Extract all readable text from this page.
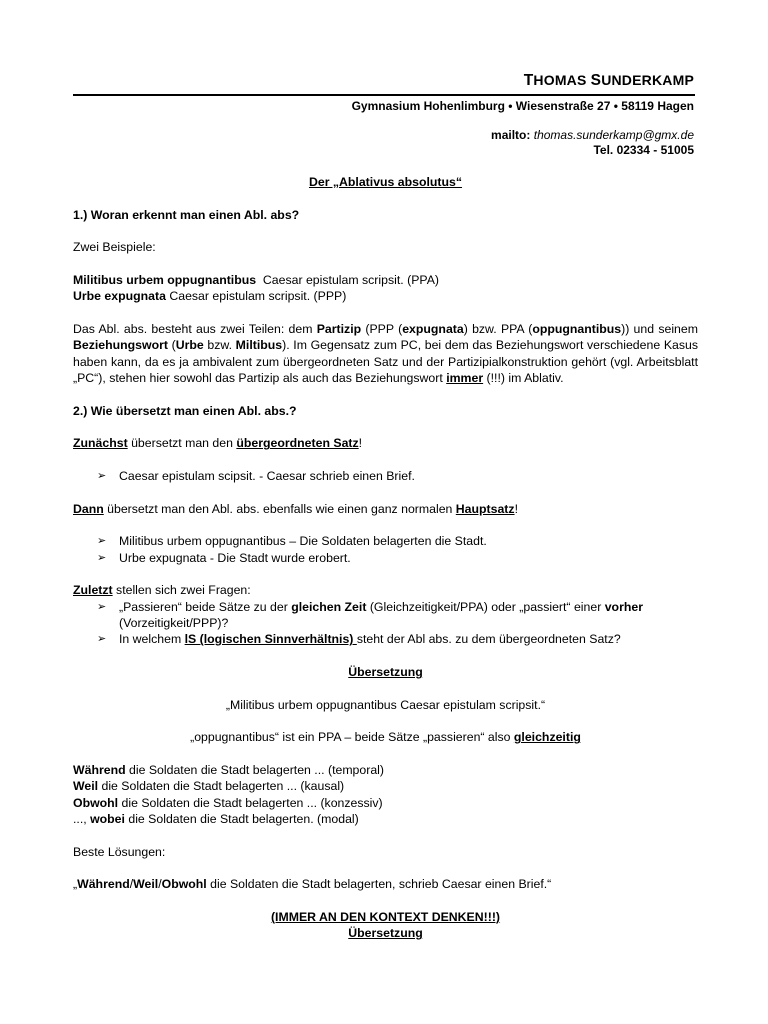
THOMAS SUNDERKAMP
Gymnasium Hohenlimburg • Wiesenstraße 27 • 58119 Hagen
mailto: thomas.sunderkamp@gmx.de
Tel. 02334 - 51005

Der „Ablativus absolutus“

1.) Woran erkennt man einen Abl. abs?

Zwei Beispiele:

Militibus urbem oppugnantibus  Caesar epistulam scripsit. (PPA)

Urbe expugnata Caesar epistulam scripsit. (PPP)

Das Abl. abs. besteht aus zwei Teilen: dem Partizip (PPP (expugnata) bzw. PPA (oppugnantibus)) und seinem Beziehungswort (Urbe bzw. Miltibus). Im Gegensatz zum PC, bei dem das Beziehungswort verschiedene Kasus haben kann, da es ja ambivalent zum übergeordneten Satz und der Partizipialkonstruktion gehört (vgl. Arbeitsblatt „PC“), stehen hier sowohl das Partizip als auch das Beziehungswort immer (!!!) im Ablativ.

2.) Wie übersetzt man einen Abl. abs.?

Zunächst übersetzt man den übergeordneten Satz!

➢ Caesar epistulam scipsit. - Caesar schrieb einen Brief.

Dann übersetzt man den Abl. abs. ebenfalls wie einen ganz normalen Hauptsatz!

➢ Militibus urbem oppugnantibus – Die Soldaten belagerten die Stadt.
➢ Urbe expugnata - Die Stadt wurde erobert.

Zuletzt stellen sich zwei Fragen:

➢ „Passieren“ beide Sätze zu der gleichen Zeit (Gleichzeitigkeit/PPA) oder „passiert“ einer vorher (Vorzeitigkeit/PPP)?
➢ In welchem lS (logischen Sinnverhältnis) steht der Abl abs. zu dem übergeordneten Satz?

Übersetzung

„Militibus urbem oppugnantibus Caesar epistulam scripsit.“

„oppugnantibus“ ist ein PPA – beide Sätze „passieren“ also gleichzeitig

Während die Soldaten die Stadt belagerten ... (temporal)

Weil die Soldaten die Stadt belagerten ... (kausal)

Obwohl die Soldaten die Stadt belagerten ... (konzessiv)

..., wobei die Soldaten die Stadt belagerten. (modal)

Beste Lösungen:

„Während/Weil/Obwohl die Soldaten die Stadt belagerten, schrieb Caesar einen Brief.“

(IMMER AN DEN KONTEXT DENKEN!!!)

Übersetzung
